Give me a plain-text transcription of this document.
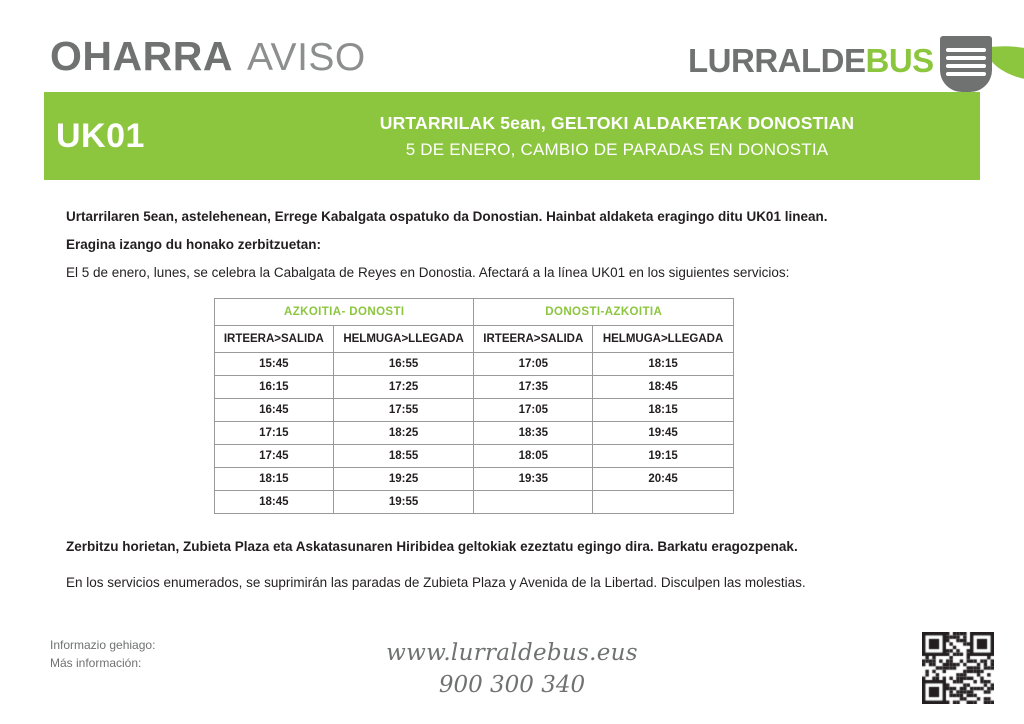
OHARRA AVISO	LURRALDEBUS
UK01	URTARRILAK 5ean, GELTOKI ALDAKETAK DONOSTIAN
5 DE ENERO, CAMBIO DE PARADAS EN DONOSTIA

Urtarrilaren 5ean, astelehenean, Errege Kabalgata ospatuko da Donostian. Hainbat aldaketa eragingo ditu UK01 linean.

Eragina izango du honako zerbitzuetan:

El 5 de enero, lunes, se celebra la Cabalgata de Reyes en Donostia. Afectará a la línea UK01 en los siguientes servicios:

AZKOITIA- DONOSTI		DONOSTI-AZKOITIA	
IRTEERA>SALIDA	HELMUGA>LLEGADA	IRTEERA>SALIDA	HELMUGA>LLEGADA
15:45	16:55	17:05	18:15
16:15	17:25	17:35	18:45
16:45	17:55	17:05	18:15
17:15	18:25	18:35	19:45
17:45	18:55	18:05	19:15
18:15	19:25	19:35	20:45
18:45	19:55		

Zerbitzu horietan, Zubieta Plaza eta Askatasunaren Hiribidea geltokiak ezeztatu egingo dira. Barkatu eragozpenak.

En los servicios enumerados, se suprimirán las paradas de Zubieta Plaza y Avenida de la Libertad. Disculpen las molestias.

Informazio gehiago:
Más información:	www.lurraldebus.eus
900 300 340
